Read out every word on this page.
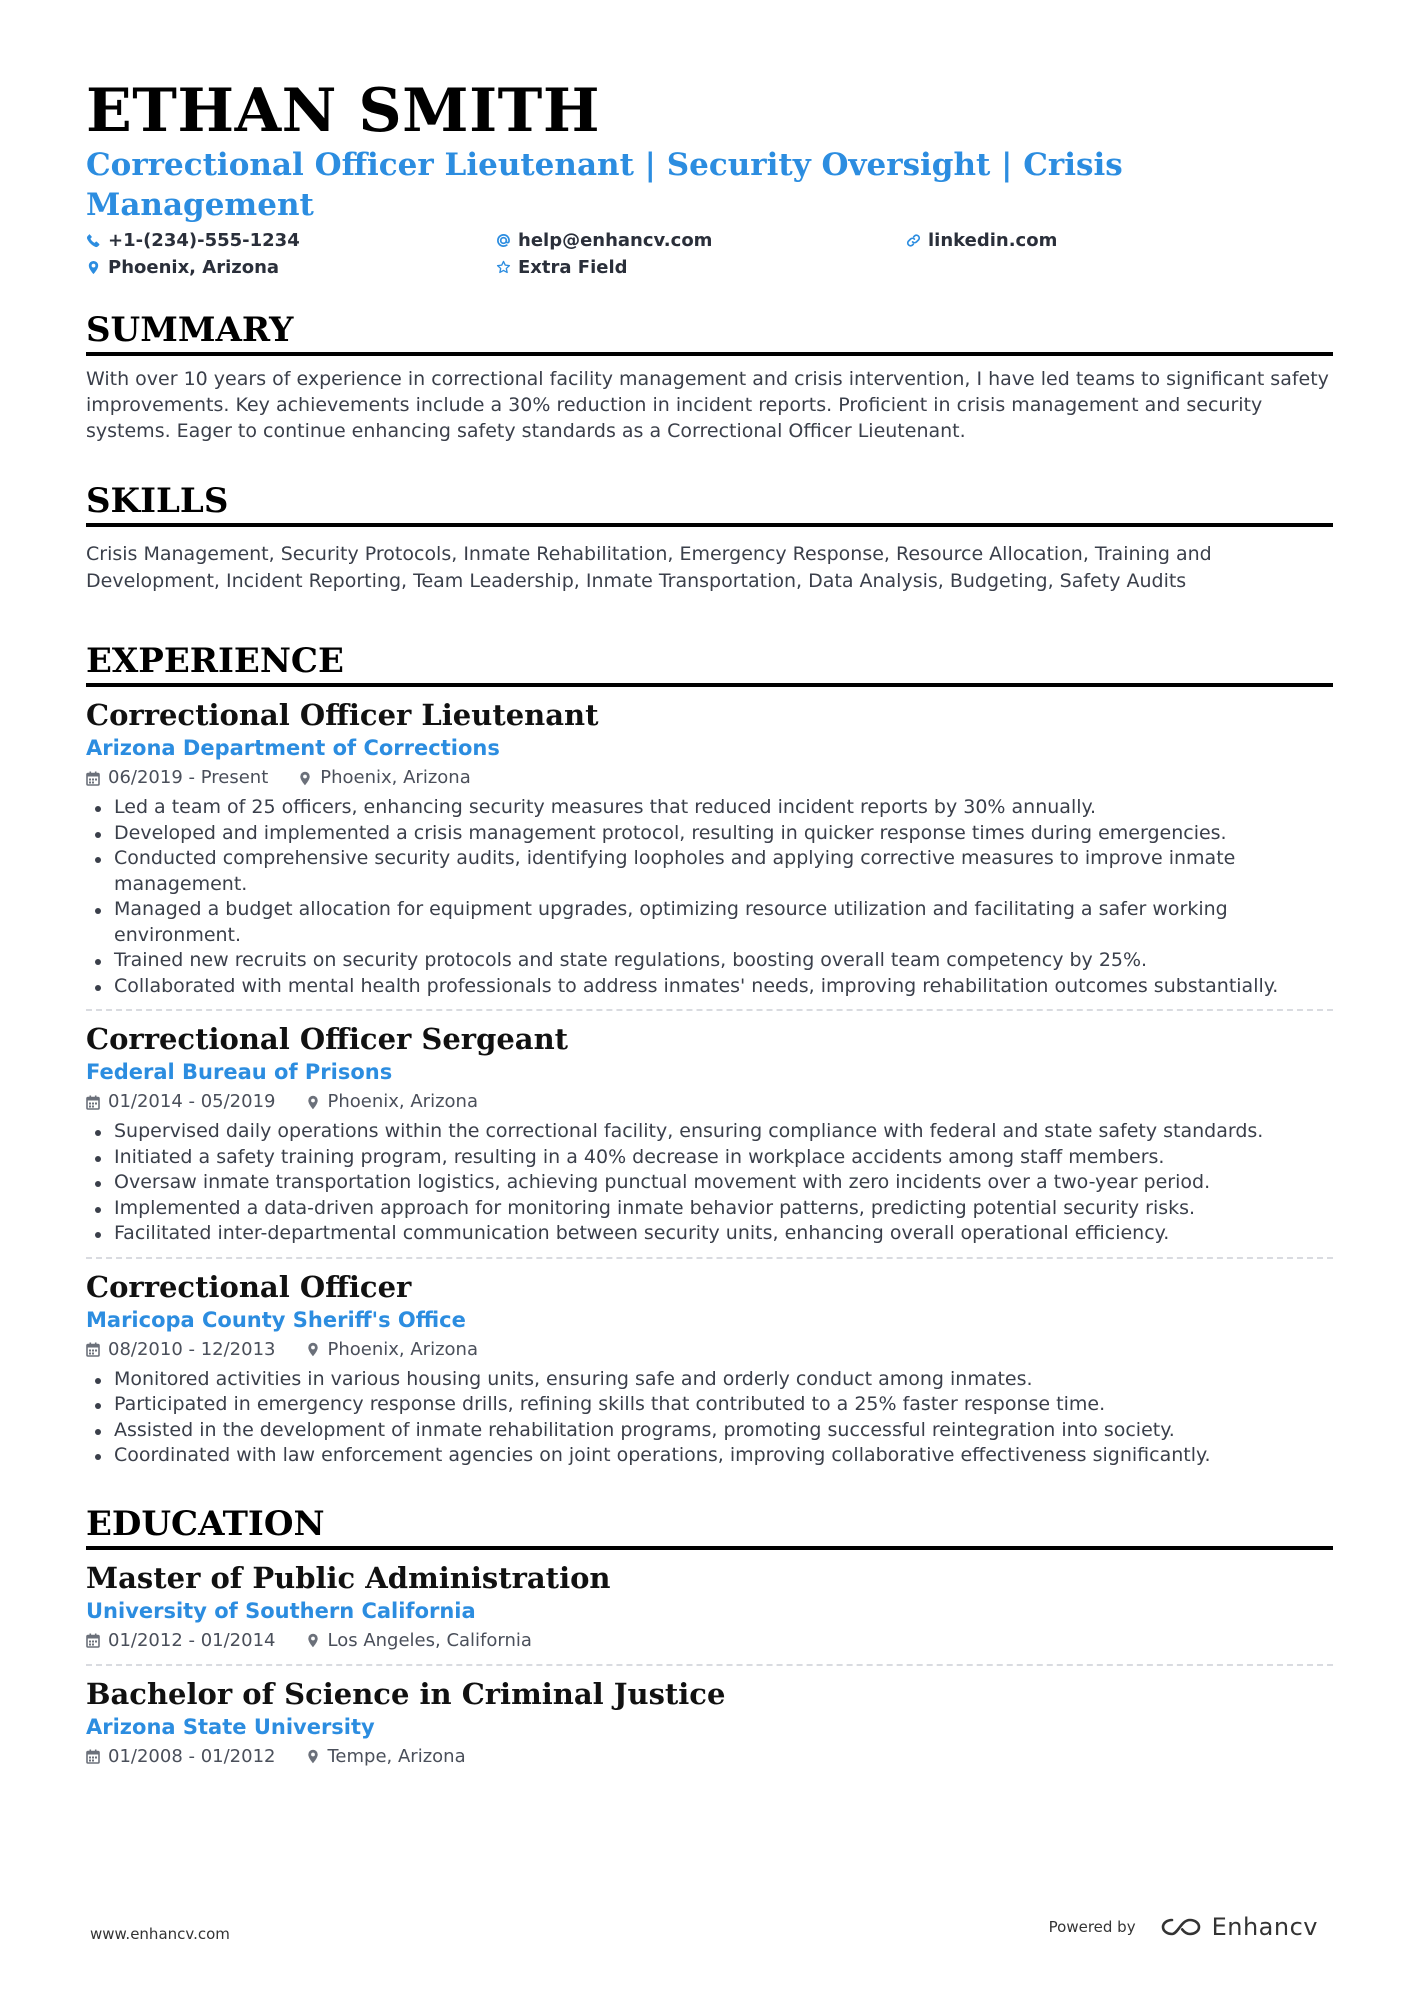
ETHAN SMITH
Correctional Officer Lieutenant | Security Oversight | Crisis Management
+1-(234)-555-1234	help@enhancv.com	linkedin.com
Phoenix, Arizona	Extra Field
SUMMARY

With over 10 years of experience in correctional facility management and crisis intervention, I have led teams to significant safety improvements. Key achievements include a 30% reduction in incident reports. Proficient in crisis management and security systems. Eager to continue enhancing safety standards as a Correctional Officer Lieutenant.

SKILLS

Crisis Management, Security Protocols, Inmate Rehabilitation, Emergency Response, Resource Allocation, Training and Development, Incident Reporting, Team Leadership, Inmate Transportation, Data Analysis, Budgeting, Safety Audits

EXPERIENCE
Correctional Officer Lieutenant
Arizona Department of Corrections
06/2019 - Present	Phoenix, Arizona
Led a team of 25 officers, enhancing security measures that reduced incident reports by 30% annually.
Developed and implemented a crisis management protocol, resulting in quicker response times during emergencies.
Conducted comprehensive security audits, identifying loopholes and applying corrective measures to improve inmate management.
Managed a budget allocation for equipment upgrades, optimizing resource utilization and facilitating a safer working environment.
Trained new recruits on security protocols and state regulations, boosting overall team competency by 25%.
Collaborated with mental health professionals to address inmates' needs, improving rehabilitation outcomes substantially.
Correctional Officer Sergeant
Federal Bureau of Prisons
01/2014 - 05/2019	Phoenix, Arizona
Supervised daily operations within the correctional facility, ensuring compliance with federal and state safety standards.
Initiated a safety training program, resulting in a 40% decrease in workplace accidents among staff members.
Oversaw inmate transportation logistics, achieving punctual movement with zero incidents over a two-year period.
Implemented a data-driven approach for monitoring inmate behavior patterns, predicting potential security risks.
Facilitated inter-departmental communication between security units, enhancing overall operational efficiency.
Correctional Officer
Maricopa County Sheriff's Office
08/2010 - 12/2013	Phoenix, Arizona
Monitored activities in various housing units, ensuring safe and orderly conduct among inmates.
Participated in emergency response drills, refining skills that contributed to a 25% faster response time.
Assisted in the development of inmate rehabilitation programs, promoting successful reintegration into society.
Coordinated with law enforcement agencies on joint operations, improving collaborative effectiveness significantly.
EDUCATION
Master of Public Administration
University of Southern California
01/2012 - 01/2014	Los Angeles, California
Bachelor of Science in Criminal Justice
Arizona State University
01/2008 - 01/2012	Tempe, Arizona
www.enhancv.com	Powered by	Enhancv
